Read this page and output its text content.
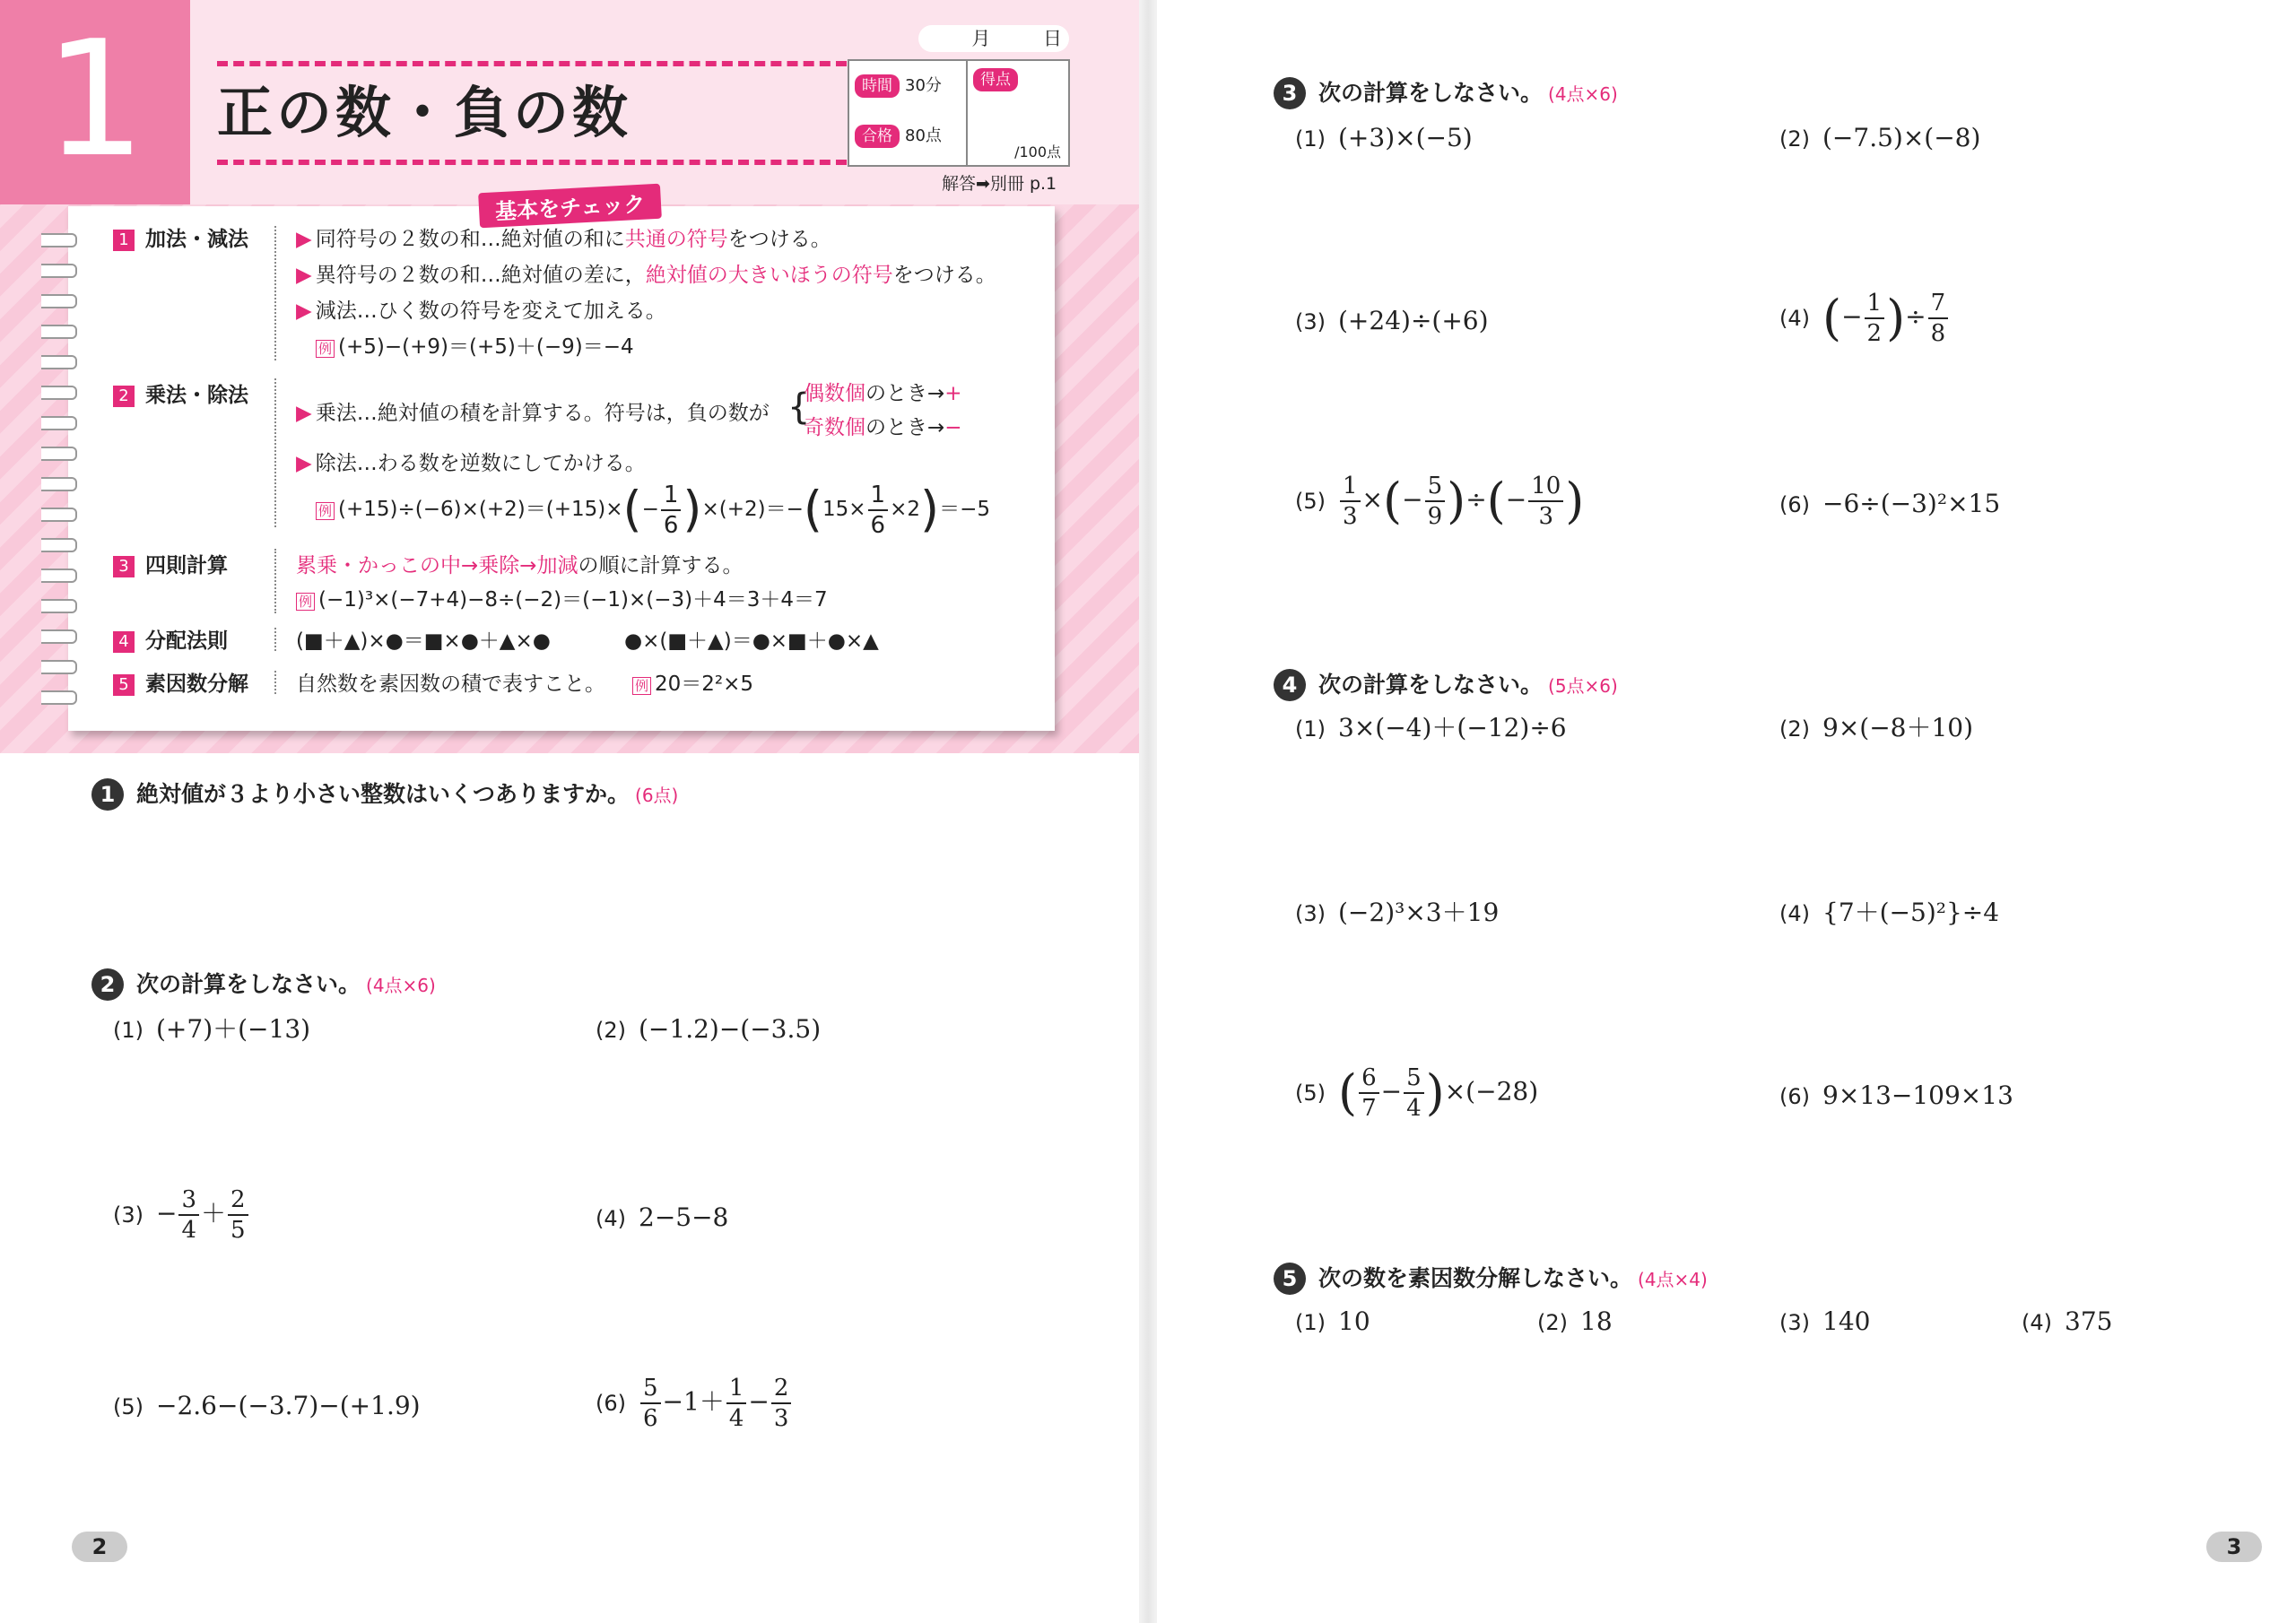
1	正の数・負の数
月	日
時間 30分
合格 80点
得点
/100点
解答➡別冊 p.1
基本をチェック
1 加法・減法 ▶ 同符号の２数の和…絶対値の和に共通の符号をつける。
▶ 異符号の２数の和…絶対値の差に，絶対値の大きいほうの符号をつける。
▶ 減法…ひく数の符号を変えて加える。
例 (+5)−(+9)＝(+5)＋(−9)＝−4
2 乗法・除法
▶ 乗法…絶対値の積を計算する。符号は，負の数が {
偶数個のとき→+
奇数個のとき→−
▶ 除法…わる数を逆数にしてかける。
例 $(+15)\div(-6)\times(+2)=(+15)\times(- \frac{1}{6} )\times(+2)=-(15\times \frac{1}{6} \times 2)=-5$
3 四則計算	累乗・かっこの中→乗除→加減の順に計算する。
例 (−1)³×(−7+4)−8÷(−2)＝(−1)×(−3)＋4＝3＋4＝7
4 分配法則	(■＋▲)×●＝■×●＋▲×●	●×(■＋▲)＝●×■＋●×▲
5 素因数分解 自然数を素因数の積で表すこと。 例 20＝2²×5
1 絶対値が３より小さい整数はいくつありますか。 (6点)
2 次の計算をしなさい。 (4点×6)
(1) (+7)＋(−13)	(2) (−1.2)−(−3.5)
$(3) - \frac{3}{4} + \frac{2}{5}$	(4) 2−5−8
(5) −2.6−(−3.7)−(+1.9)	$(6) \frac{5}{6} -1+ \frac{1}{4} - \frac{2}{3}$
2
3 次の計算をしなさい。 (4点×6)
(1) (+3)×(−5)	(2) (−7.5)×(−8)
(3) (+24)÷(+6)	(4) (− $\frac{1}{2}$ )÷ $\frac{7}{8}$
$(5) \frac{1}{3}$ ×(− $\frac{5}{9}$ )÷(− $\frac{10}{3}$ )	(6) −6÷(−3)²×15
4 次の計算をしなさい。 (5点×6)
(1) 3×(−4)＋(−12)÷6	(2) 9×(−8＋10)
(3) (−2)³×3＋19	(4) {7＋(−5)²}÷4
(5) ( $\frac{6}{7} - \frac{5}{4} )\times(-28)$	(6) 9×13−109×13
5 次の数を素因数分解しなさい。 (4点×4)
(1) 10	(2) 18	(3) 140	(4) 375
3
